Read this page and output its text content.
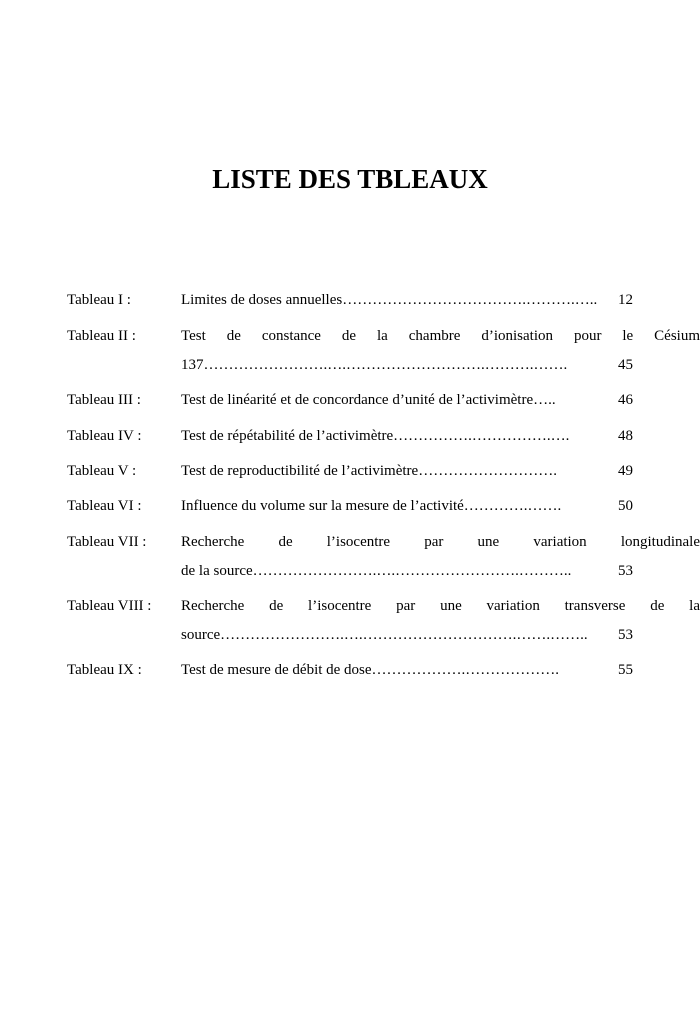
LISTE DES TBLEAUX
Tableau I :	Limites de doses annuelles……………………………….……….…..	12
Tableau II :	Test de constance de la chambre d’ionisation pour le Césium
137…………………….….……………………….……….…….	45
Tableau III :	Test de linéarité et de concordance d’unité de l’activimètre…..	46
Tableau IV :	Test de répétabilité de l’activimètre…………….…………….….	48
Tableau V :	Test de reproductibilité de l’activimètre……………………….	49
Tableau VI :	Influence du volume sur la mesure de l’activité………….…….	50
Tableau VII : Recherche de l’isocentre par une variation longitudinale
de la source…………………….….…………………….………..	53
Tableau VIII : Recherche de l’isocentre par une variation transverse de la
source…………………….….………………………….…….……..	53
Tableau IX :	Test de mesure de débit de dose……………….……………….	55
